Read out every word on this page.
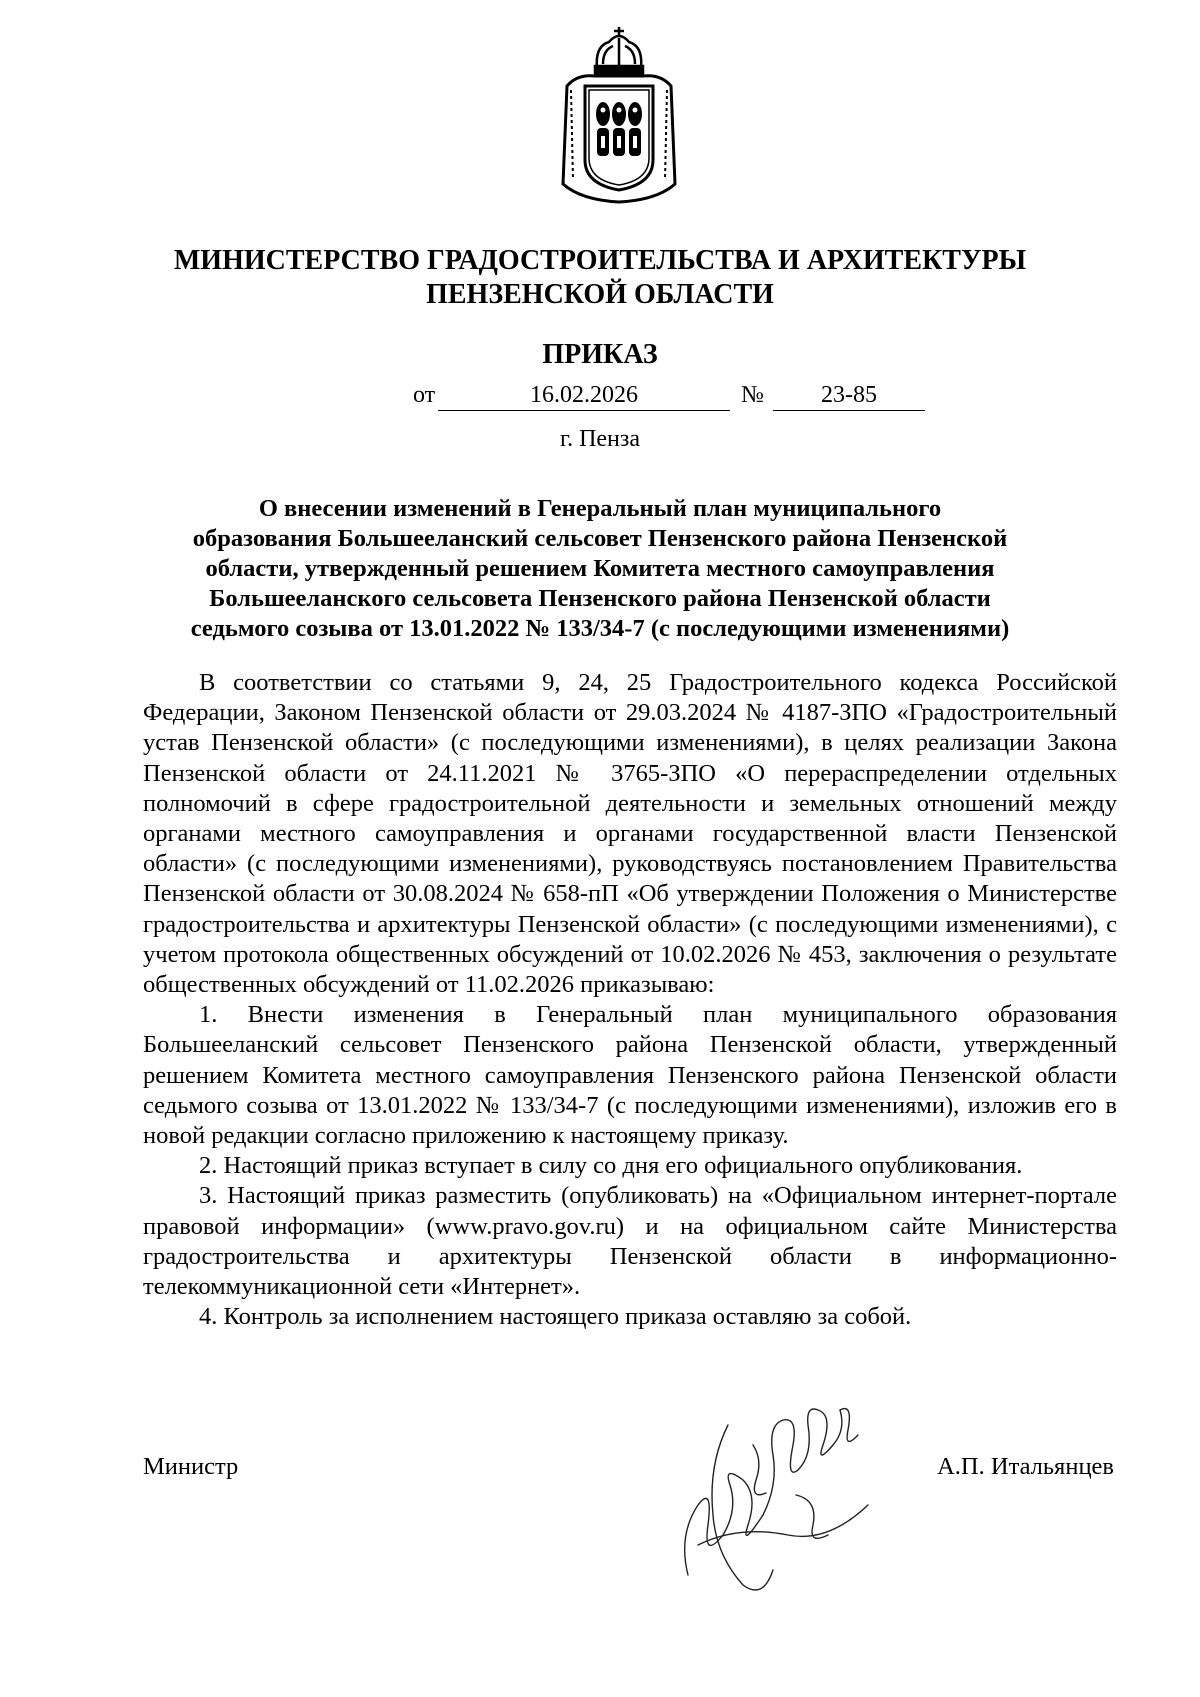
МИНИСТЕРСТВО ГРАДОСТРОИТЕЛЬСТВА И АРХИТЕКТУРЫ
ПЕНЗЕНСКОЙ ОБЛАСТИ
ПРИКАЗ
от	16.02.2026	№	23-85
г. Пенза
О внесении изменений в Генеральный план муниципального
образования Большееланский сельсовет Пензенского района Пензенской
области, утвержденный решением Комитета местного самоуправления
Большееланского сельсовета Пензенского района Пензенской области
седьмого созыва от 13.01.2022 № 133/34-7 (с последующими изменениями)

В соответствии со статьями 9, 24, 25 Градостроительного кодекса Российской Федерации, Законом Пензенской области от 29.03.2024 № 4187-ЗПО «Градостроительный устав Пензенской области» (с последующими изменениями), в целях реализации Закона Пензенской области от 24.11.2021 № 3765-ЗПО «О перераспределении отдельных полномочий в сфере градостроительной деятельности и земельных отношений между органами местного самоуправления и органами государственной власти Пензенской области» (с последующими изменениями), руководствуясь постановлением Правительства Пензенской области от 30.08.2024 № 658-пП «Об утверждении Положения о Министерстве градостроительства и архитектуры Пензенской области» (с последующими изменениями), с учетом протокола общественных обсуждений от 10.02.2026 № 453, заключения о результате общественных обсуждений от 11.02.2026 приказываю:

1. Внести изменения в Генеральный план муниципального образования Большееланский сельсовет Пензенского района Пензенской области, утвержденный решением Комитета местного самоуправления Пензенского района Пензенской области седьмого созыва от 13.01.2022 № 133/34-7 (с последующими изменениями), изложив его в новой редакции согласно приложению к настоящему приказу.

2. Настоящий приказ вступает в силу со дня его официального опубликования.

3. Настоящий приказ разместить (опубликовать) на «Официальном интернет-портале правовой информации» (www.pravo.gov.ru) и на официальном сайте Министерства градостроительства и архитектуры Пензенской области в информационно-телекоммуникационной сети «Интернет».

4. Контроль за исполнением настоящего приказа оставляю за собой.

Министр	А.П. Итальянцев
